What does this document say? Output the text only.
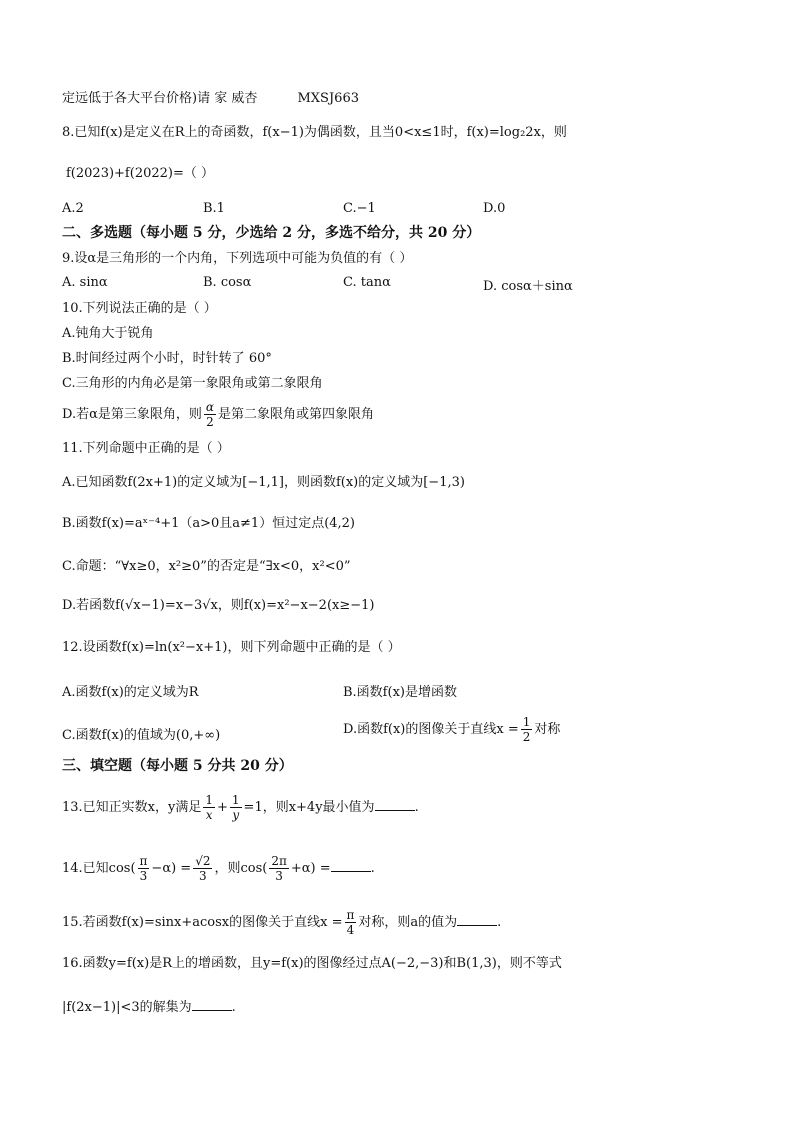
定远低于各大平台价格)请 家 威杏	MXSJ663
8.已知f(x)是定义在R上的奇函数，f(x−1)为偶函数，且当0<x≤1时，f(x)=log₂2x，则
f(2023)+f(2022)=（ ）
A.2	B.1	C.−1	D.0
二、多选题（每小题 5 分，少选给 2 分，多选不给分，共 20 分）
9.设α是三角形的一个内角，下列选项中可能为负值的有（ ）
A. sinα	B. cosα	C. tanα	D. cosα＋sinα
10.下列说法正确的是（ ）
A.钝角大于锐角
B.时间经过两个小时，时针转了 60°
C.三角形的内角必是第一象限角或第二象限角
D.若α是第三象限角，则 $\frac{\alpha}{2}$ 是第二象限角或第四象限角
11.下列命题中正确的是（ ）
A.已知函数f(2x+1)的定义域为[−1,1]，则函数f(x)的定义域为[−1,3)
B.函数f(x)=aˣ⁻⁴+1（a>0且a≠1）恒过定点(4,2)
C.命题：“∀x≥0，x²≥0”的否定是“∃x<0，x²<0”
D.若函数f(√x−1)=x−3√x，则f(x)=x²−x−2(x≥−1)
12.设函数f(x)=ln(x²−x+1)，则下列命题中正确的是（ ）
A.函数f(x)的定义域为R	B.函数f(x)是增函数
C.函数f(x)的值域为(0,+∞)	D.函数f(x)的图像关于直线$x = \frac{1}{2}$ 对称
三、填空题（每小题 5 分共 20 分）
13.已知正实数x，y满足 $\frac{1}{x} + \frac{1}{y} =1$，则x+4y最小值为	.
14.已知$\cos( \frac{\pi}{3} -\alpha) = \frac{√2}{3}$ ，则$\cos( \frac{2\pi}{3} +\alpha)$ =	.
15.若函数f(x)=sinx+acosx的图像关于直线$x = \frac{\pi}{4}$ 对称，则a的值为	.
16.函数y=f(x)是R上的增函数，且y=f(x)的图像经过点A(−2,−3)和B(1,3)，则不等式
|f(2x−1)|<3的解集为	.
